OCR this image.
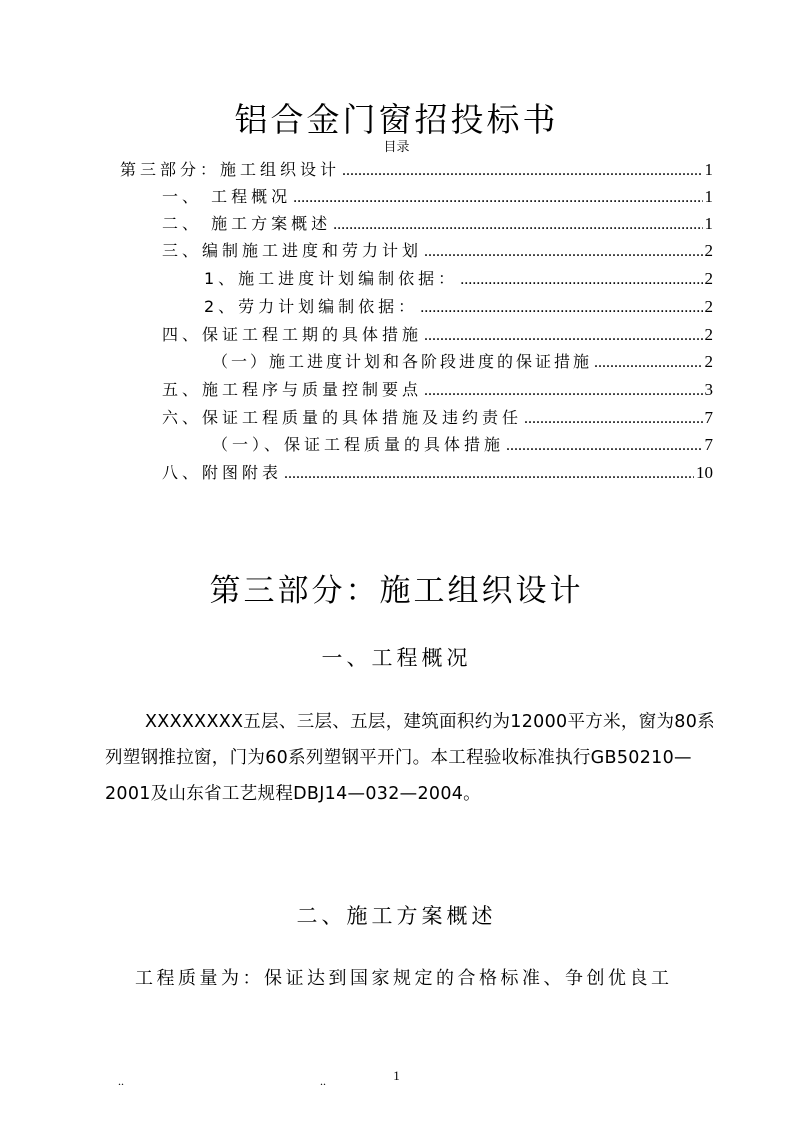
铝合金门窗招投标书
目录
第三部分：施工组织设计 .....	1
一、 工程概况 .....	1
二、 施工方案概述 .....	1
三、编制施工进度和劳力计划 .....	2
1、施工进度计划编制依据： .....	2
2、劳力计划编制依据： .....	2
四、保证工程工期的具体措施 .....	2
（一）施工进度计划和各阶段进度的保证措施 .....	2
五、施工程序与质量控制要点 .....	3
六、保证工程质量的具体措施及违约责任 .....	7
（一）、保证工程质量的具体措施 .....	7
八、附图附表 .....	10
第三部分：施工组织设计
一、工程概况
XXXXXXXX五层、三层、五层，建筑面积约为12000平方米，窗为80系列塑钢推拉窗，门为60系列塑钢平开门。本工程验收标准执行GB50210—2001及山东省工艺规程DBJ14—032—2004。
二、施工方案概述
工程质量为：保证达到国家规定的合格标准、争创优良工
..	..	1
